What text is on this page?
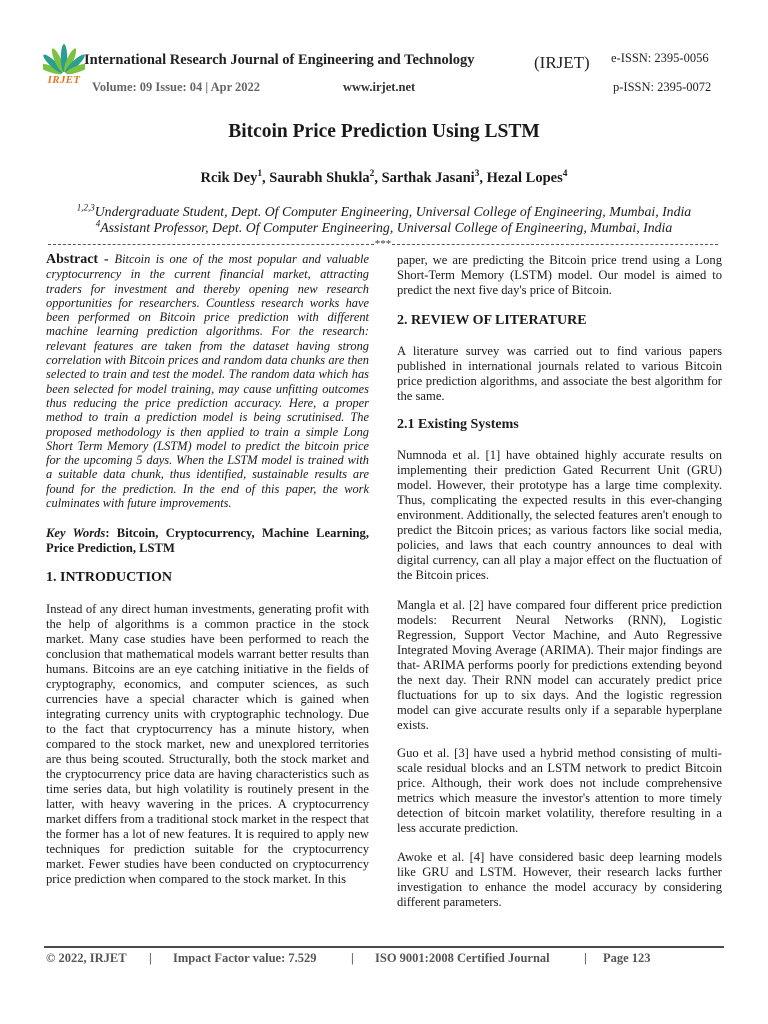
IRJET
International Research Journal of Engineering and Technology	(IRJET) e-ISSN: 2395-0056
Volume: 09 Issue: 04 | Apr 2022	www.irjet.net	p-ISSN: 2395-0072
Bitcoin Price Prediction Using LSTM
Rcik Dey$^1$, Saurabh Shukla$^2$, Sarthak Jasani$^3$, Hezal Lopes$^4$
$^{1,2,3}$Undergraduate Student, Dept. Of Computer Engineering, Universal College of Engineering, Mumbai, India
$^4$Assistant Professor, Dept. Of Computer Engineering, Universal College of Engineering, Mumbai, India
***

Abstract - Bitcoin is one of the most popular and valuable cryptocurrency in the current financial market, attracting traders for investment and thereby opening new research opportunities for researchers. Countless research works have been performed on Bitcoin price prediction with different machine learning prediction algorithms. For the research: relevant features are taken from the dataset having strong correlation with Bitcoin prices and random data chunks are then selected to train and test the model. The random data which has been selected for model training, may cause unfitting outcomes thus reducing the price prediction accuracy. Here, a proper method to train a prediction model is being scrutinised. The proposed methodology is then applied to train a simple Long Short Term Memory (LSTM) model to predict the bitcoin price for the upcoming 5 days. When the LSTM model is trained with a suitable data chunk, thus identified, sustainable results are found for the prediction. In the end of this paper, the work culminates with future improvements.

Key Words: Bitcoin, Cryptocurrency, Machine Learning, Price Prediction, LSTM

1. INTRODUCTION

Instead of any direct human investments, generating profit with the help of algorithms is a common practice in the stock market. Many case studies have been performed to reach the conclusion that mathematical models warrant better results than humans. Bitcoins are an eye catching initiative in the fields of cryptography, economics, and computer sciences, as such currencies have a special character which is gained when integrating currency units with cryptographic technology. Due to the fact that cryptocurrency has a minute history, when compared to the stock market, new and unexplored territories are thus being scouted. Structurally, both the stock market and the cryptocurrency price data are having characteristics such as time series data, but high volatility is routinely present in the latter, with heavy wavering in the prices. A cryptocurrency market differs from a traditional stock market in the respect that the former has a lot of new features. It is required to apply new techniques for prediction suitable for the cryptocurrency market. Fewer studies have been conducted on cryptocurrency price prediction when compared to the stock market. In this

paper, we are predicting the Bitcoin price trend using a Long Short-Term Memory (LSTM) model. Our model is aimed to predict the next five day's price of Bitcoin.

2. REVIEW OF LITERATURE

A literature survey was carried out to find various papers published in international journals related to various Bitcoin price prediction algorithms, and associate the best algorithm for the same.

2.1 Existing Systems

Numnoda et al. [1] have obtained highly accurate results on implementing their prediction Gated Recurrent Unit (GRU) model. However, their prototype has a large time complexity. Thus, complicating the expected results in this ever-changing environment. Additionally, the selected features aren't enough to predict the Bitcoin prices; as various factors like social media, policies, and laws that each country announces to deal with digital currency, can all play a major effect on the fluctuation of the Bitcoin prices.

Mangla et al. [2] have compared four different price prediction models: Recurrent Neural Networks (RNN), Logistic Regression, Support Vector Machine, and Auto Regressive Integrated Moving Average (ARIMA). Their major findings are that- ARIMA performs poorly for predictions extending beyond the next day. Their RNN model can accurately predict price fluctuations for up to six days. And the logistic regression model can give accurate results only if a separable hyperplane exists.

Guo et al. [3] have used a hybrid method consisting of multi-scale residual blocks and an LSTM network to predict Bitcoin price. Although, their work does not include comprehensive metrics which measure the investor's attention to more timely detection of bitcoin market volatility, therefore resulting in a less accurate prediction.

Awoke et al. [4] have considered basic deep learning models like GRU and LSTM. However, their research lacks further investigation to enhance the model accuracy by considering different parameters.

© 2022, IRJET | Impact Factor value: 7.529	| ISO 9001:2008 Certified Journal	| Page 123
